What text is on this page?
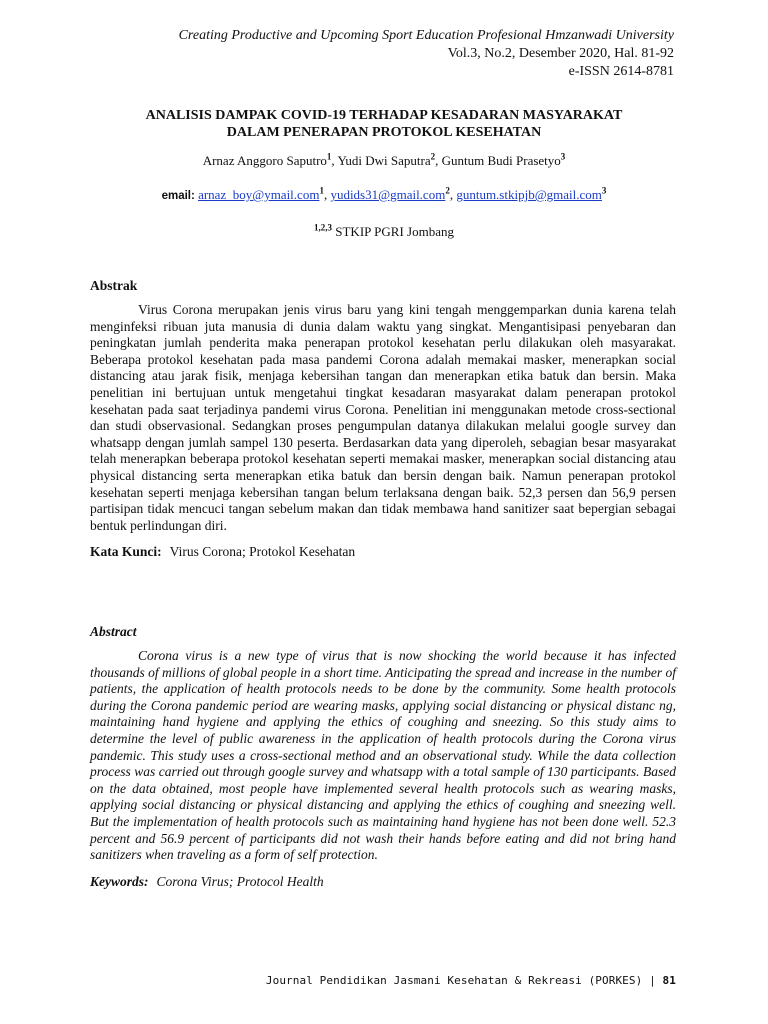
Creating Productive and Upcoming Sport Education Profesional Hmzanwadi University
Vol.3, No.2, Desember 2020, Hal. 81-92
e-ISSN 2614-8781
ANALISIS DAMPAK COVID-19 TERHADAP KESADARAN MASYARAKAT
DALAM PENERAPAN PROTOKOL KESEHATAN
Arnaz Anggoro Saputro$^1$, Yudi Dwi Saputra$^2$, Guntum Budi Prasetyo$^3$
email: arnaz_boy@ymail.com$^1$, yudids31@gmail.com$^2$, guntum.stkipjb@gmail.com$^3$
$^{1,2,3}$ STKIP PGRI Jombang
Abstrak

Virus Corona merupakan jenis virus baru yang kini tengah menggemparkan dunia karena telah menginfeksi ribuan juta manusia di dunia dalam waktu yang singkat. Mengantisipasi penyebaran dan peningkatan jumlah penderita maka penerapan protokol kesehatan perlu dilakukan oleh masyarakat. Beberapa protokol kesehatan pada masa pandemi Corona adalah memakai masker, menerapkan social distancing atau jarak fisik, menjaga kebersihan tangan dan menerapkan etika batuk dan bersin. Maka penelitian ini bertujuan untuk mengetahui tingkat kesadaran masyarakat dalam penerapan protokol kesehatan pada saat terjadinya pandemi virus Corona. Penelitian ini menggunakan metode cross-sectional dan studi observasional. Sedangkan proses pengumpulan datanya dilakukan melalui google survey dan whatsapp dengan jumlah sampel 130 peserta. Berdasarkan data yang diperoleh, sebagian besar masyarakat telah menerapkan beberapa protokol kesehatan seperti memakai masker, menerapkan social distancing atau physical distancing serta menerapkan etika batuk dan bersin dengan baik. Namun penerapan protokol kesehatan seperti menjaga kebersihan tangan belum terlaksana dengan baik. 52,3 persen dan 56,9 persen partisipan tidak mencuci tangan sebelum makan dan tidak membawa hand sanitizer saat bepergian sebagai bentuk perlindungan diri.

Kata Kunci: Virus Corona; Protokol Kesehatan
Abstract

Corona virus is a new type of virus that is now shocking the world because it has infected thousands of millions of global people in a short time. Anticipating the spread and increase in the number of patients, the application of health protocols needs to be done by the community. Some health protocols during the Corona pandemic period are wearing masks, applying social distancing or physical distanc ng, maintaining hand hygiene and applying the ethics of coughing and sneezing. So this study aims to determine the level of public awareness in the application of health protocols during the Corona virus pandemic. This study uses a cross-sectional method and an observational study. While the data collection process was carried out through google survey and whatsapp with a total sample of 130 participants. Based on the data obtained, most people have implemented several health protocols such as wearing masks, applying social distancing or physical distancing and applying the ethics of coughing and sneezing well. But the implementation of health protocols such as maintaining hand hygiene has not been done well. 52.3 percent and 56.9 percent of participants did not wash their hands before eating and did not bring hand sanitizers when traveling as a form of self protection.

Keywords: Corona Virus; Protocol Health
Journal Pendidikan Jasmani Kesehatan & Rekreasi (PORKES) | 81
